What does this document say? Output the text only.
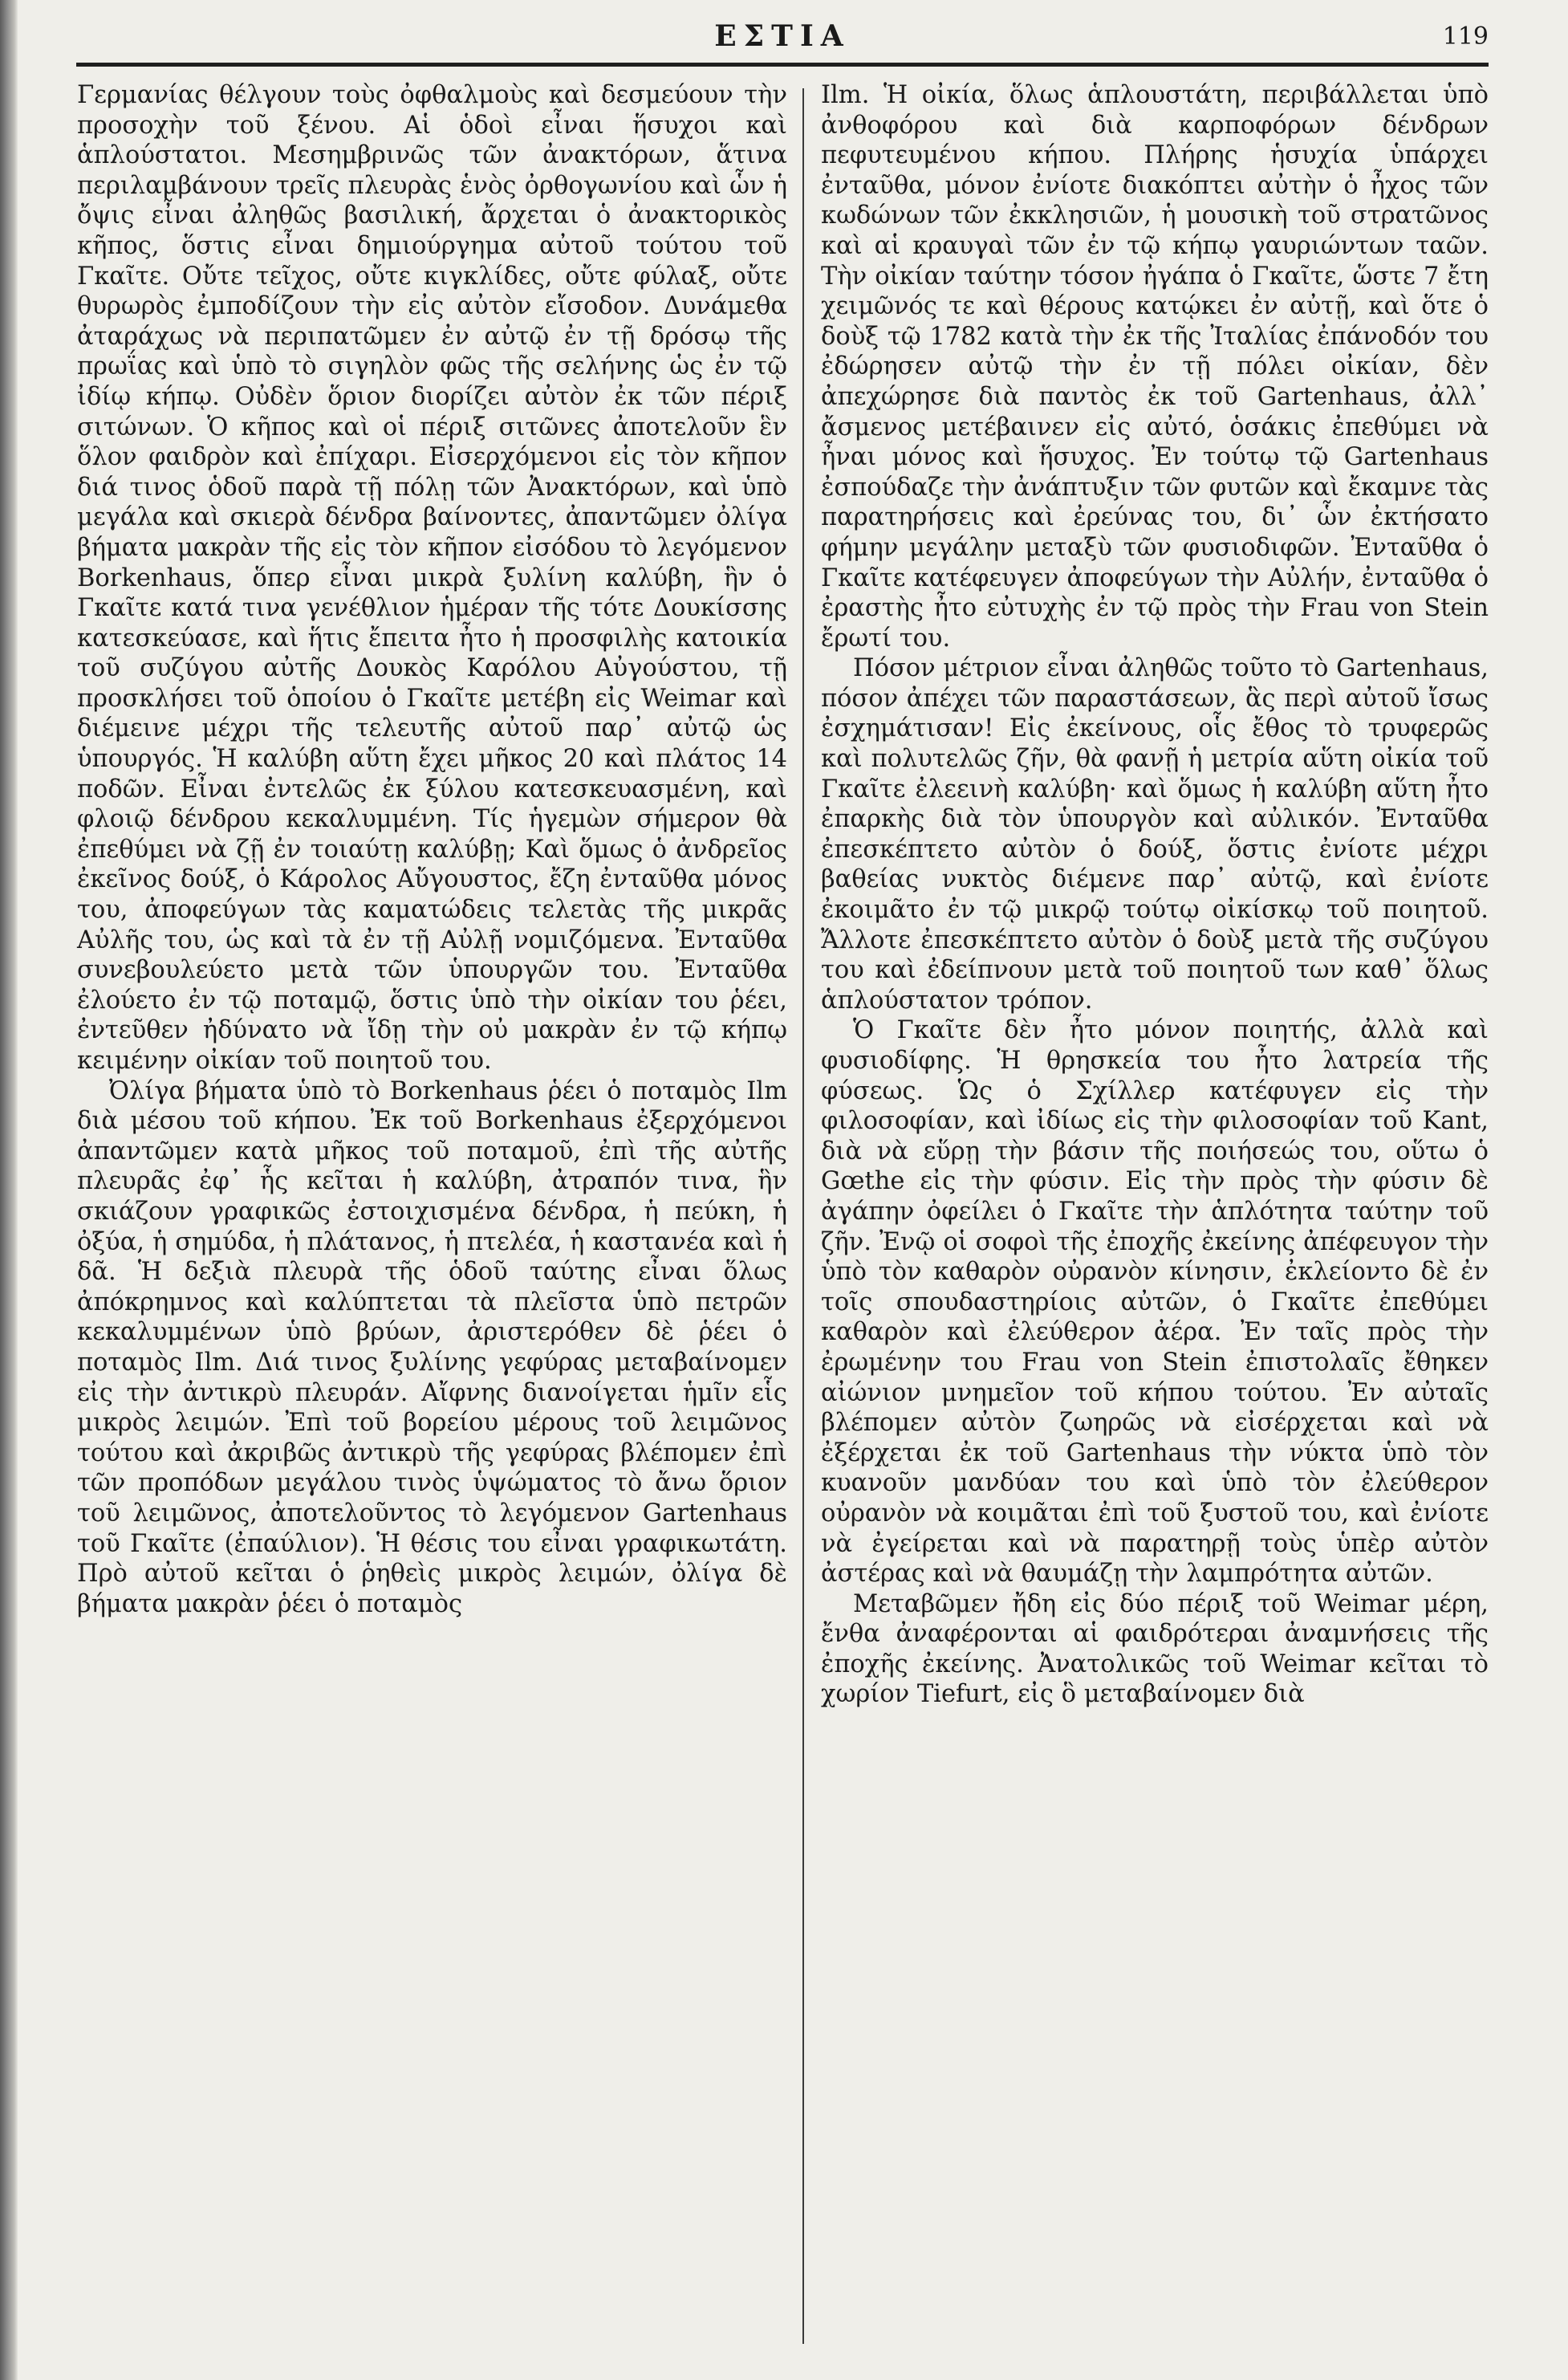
ΕΣΤΙΑ	119

Γερμανίας θέλγουν τοὺς ὀφθαλμοὺς καὶ δεσμεύουν τὴν προσοχὴν τοῦ ξένου. Αἱ ὁδοὶ εἶναι ἥσυχοι καὶ ἁπλούστατοι. Μεσημβρινῶς τῶν ἀνακτόρων, ἅτινα περιλαμβάνουν τρεῖς πλευρὰς ἑνὸς ὀρθογωνίου καὶ ὧν ἡ ὄψις εἶναι ἀληθῶς βασιλική, ἄρχεται ὁ ἀνακτορικὸς κῆπος, ὅστις εἶναι δημιούργημα αὐτοῦ τούτου τοῦ Γκαῖτε. Οὔτε τεῖχος, οὔτε κιγκλίδες, οὔτε φύλαξ, οὔτε θυρωρὸς ἐμποδίζουν τὴν εἰς αὐτὸν εἴσοδον. Δυνάμεθα ἀταράχως νὰ περιπατῶμεν ἐν αὐτῷ ἐν τῇ δρόσῳ τῆς πρωΐας καὶ ὑπὸ τὸ σιγηλὸν φῶς τῆς σελήνης ὡς ἐν τῷ ἰδίῳ κήπῳ. Οὐδὲν ὅριον διορίζει αὐτὸν ἐκ τῶν πέριξ σιτώνων. Ὁ κῆπος καὶ οἱ πέριξ σιτῶνες ἀποτελοῦν ἓν ὅλον φαιδρὸν καὶ ἐπίχαρι. Εἰσερχόμενοι εἰς τὸν κῆπον διά τινος ὁδοῦ παρὰ τῇ πόλῃ τῶν Ἀνακτόρων, καὶ ὑπὸ μεγάλα καὶ σκιερὰ δένδρα βαίνοντες, ἀπαντῶμεν ὀλίγα βήματα μακρὰν τῆς εἰς τὸν κῆπον εἰσόδου τὸ λεγόμενον Borkenhaus, ὅπερ εἶναι μικρὰ ξυλίνη καλύβη, ἣν ὁ Γκαῖτε κατά τινα γενέθλιον ἡμέραν τῆς τότε Δουκίσσης κατεσκεύασε, καὶ ἥτις ἔπειτα ἦτο ἡ προσφιλὴς κατοικία τοῦ συζύγου αὐτῆς Δουκὸς Καρόλου Αὐγούστου, τῇ προσκλήσει τοῦ ὁποίου ὁ Γκαῖτε μετέβη εἰς Weimar καὶ διέμεινε μέχρι τῆς τελευτῆς αὐτοῦ παρ᾽ αὐτῷ ὡς ὑπουργός. Ἡ καλύβη αὕτη ἔχει μῆκος 20 καὶ πλάτος 14 ποδῶν. Εἶναι ἐντελῶς ἐκ ξύλου κατεσκευασμένη, καὶ φλοιῷ δένδρου κεκαλυμμένη. Τίς ἡγεμὼν σήμερον θὰ ἐπεθύμει νὰ ζῇ ἐν τοιαύτῃ καλύβῃ; Καὶ ὅμως ὁ ἀνδρεῖος ἐκεῖνος δούξ, ὁ Κάρολος Αὔγουστος, ἔζη ἐνταῦθα μόνος του, ἀποφεύγων τὰς καματώδεις τελετὰς τῆς μικρᾶς Αὐλῆς του, ὡς καὶ τὰ ἐν τῇ Αὐλῇ νομιζόμενα. Ἐνταῦθα συνεβουλεύετο μετὰ τῶν ὑπουργῶν του. Ἐνταῦθα ἐλούετο ἐν τῷ ποταμῷ, ὅστις ὑπὸ τὴν οἰκίαν του ῥέει, ἐντεῦθεν ἠδύνατο νὰ ἴδῃ τὴν οὐ μακρὰν ἐν τῷ κήπῳ κειμένην οἰκίαν τοῦ ποιητοῦ του.

Ὀλίγα βήματα ὑπὸ τὸ Borkenhaus ῥέει ὁ ποταμὸς Ilm διὰ μέσου τοῦ κήπου. Ἐκ τοῦ Borkenhaus ἐξερχόμενοι ἀπαντῶμεν κατὰ μῆκος τοῦ ποταμοῦ, ἐπὶ τῆς αὐτῆς πλευρᾶς ἐφ᾽ ἧς κεῖται ἡ καλύβη, ἀτραπόν τινα, ἣν σκιάζουν γραφικῶς ἐστοιχισμένα δένδρα, ἡ πεύκη, ἡ ὀξύα, ἡ σημύδα, ἡ πλάτανος, ἡ πτελέα, ἡ καστανέα καὶ ἡ δᾶ. Ἡ δεξιὰ πλευρὰ τῆς ὁδοῦ ταύτης εἶναι ὅλως ἀπόκρημνος καὶ καλύπτεται τὰ πλεῖστα ὑπὸ πετρῶν κεκαλυμμένων ὑπὸ βρύων, ἀριστερόθεν δὲ ῥέει ὁ ποταμὸς Ilm. Διά τινος ξυλίνης γεφύρας μεταβαίνομεν εἰς τὴν ἀντικρὺ πλευράν. Αἴφνης διανοίγεται ἡμῖν εἷς μικρὸς λειμών. Ἐπὶ τοῦ βορείου μέρους τοῦ λειμῶνος τούτου καὶ ἀκριβῶς ἀντικρὺ τῆς γεφύρας βλέπομεν ἐπὶ τῶν προπόδων μεγάλου τινὸς ὑψώματος τὸ ἄνω ὅριον τοῦ λειμῶνος, ἀποτελοῦντος τὸ λεγόμενον Gartenhaus τοῦ Γκαῖτε (ἐπαύλιον). Ἡ θέσις του εἶναι γραφικωτάτη. Πρὸ αὐτοῦ κεῖται ὁ ῥηθεὶς μικρὸς λειμών, ὀλίγα δὲ βήματα μακρὰν ῥέει ὁ ποταμὸς

Ilm. Ἡ οἰκία, ὅλως ἁπλουστάτη, περιβάλλεται ὑπὸ ἀνθοφόρου καὶ διὰ καρποφόρων δένδρων πεφυτευμένου κήπου. Πλήρης ἡσυχία ὑπάρχει ἐνταῦθα, μόνον ἐνίοτε διακόπτει αὐτὴν ὁ ἦχος τῶν κωδώνων τῶν ἐκκλησιῶν, ἡ μουσικὴ τοῦ στρατῶνος καὶ αἱ κραυγαὶ τῶν ἐν τῷ κήπῳ γαυριώντων ταῶν. Τὴν οἰκίαν ταύτην τόσον ἠγάπα ὁ Γκαῖτε, ὥστε 7 ἔτη χειμῶνός τε καὶ θέρους κατῴκει ἐν αὐτῇ, καὶ ὅτε ὁ δοὺξ τῷ 1782 κατὰ τὴν ἐκ τῆς Ἰταλίας ἐπάνοδόν του ἐδώρησεν αὐτῷ τὴν ἐν τῇ πόλει οἰκίαν, δὲν ἀπεχώρησε διὰ παντὸς ἐκ τοῦ Gartenhaus, ἀλλ᾽ ἄσμενος μετέβαινεν εἰς αὐτό, ὁσάκις ἐπεθύμει νὰ ἦναι μόνος καὶ ἥσυχος. Ἐν τούτῳ τῷ Gartenhaus ἐσπούδαζε τὴν ἀνάπτυξιν τῶν φυτῶν καὶ ἔκαμνε τὰς παρατηρήσεις καὶ ἐρεύνας του, δι᾽ ὧν ἐκτήσατο φήμην μεγάλην μεταξὺ τῶν φυσιοδιφῶν. Ἐνταῦθα ὁ Γκαῖτε κατέφευγεν ἀποφεύγων τὴν Αὐλήν, ἐνταῦθα ὁ ἐραστὴς ἦτο εὐτυχὴς ἐν τῷ πρὸς τὴν Frau von Stein ἔρωτί του.

Πόσον μέτριον εἶναι ἀληθῶς τοῦτο τὸ Gartenhaus, πόσον ἀπέχει τῶν παραστάσεων, ἃς περὶ αὐτοῦ ἴσως ἐσχημάτισαν! Εἰς ἐκείνους, οἷς ἔθος τὸ τρυφερῶς καὶ πολυτελῶς ζῆν, θὰ φανῇ ἡ μετρία αὕτη οἰκία τοῦ Γκαῖτε ἐλεεινὴ καλύβη· καὶ ὅμως ἡ καλύβη αὕτη ἦτο ἐπαρκὴς διὰ τὸν ὑπουργὸν καὶ αὐλικόν. Ἐνταῦθα ἐπεσκέπτετο αὐτὸν ὁ δούξ, ὅστις ἐνίοτε μέχρι βαθείας νυκτὸς διέμενε παρ᾽ αὐτῷ, καὶ ἐνίοτε ἐκοιμᾶτο ἐν τῷ μικρῷ τούτῳ οἰκίσκῳ τοῦ ποιητοῦ. Ἄλλοτε ἐπεσκέπτετο αὐτὸν ὁ δοὺξ μετὰ τῆς συζύγου του καὶ ἐδείπνουν μετὰ τοῦ ποιητοῦ των καθ᾽ ὅλως ἁπλούστατον τρόπον.

Ὁ Γκαῖτε δὲν ἦτο μόνον ποιητής, ἀλλὰ καὶ φυσιοδίφης. Ἡ θρησκεία του ἦτο λατρεία τῆς φύσεως. Ὡς ὁ Σχίλλερ κατέφυγεν εἰς τὴν φιλοσοφίαν, καὶ ἰδίως εἰς τὴν φιλοσοφίαν τοῦ Kant, διὰ νὰ εὕρῃ τὴν βάσιν τῆς ποιήσεώς του, οὕτω ὁ Gœthe εἰς τὴν φύσιν. Εἰς τὴν πρὸς τὴν φύσιν δὲ ἀγάπην ὀφείλει ὁ Γκαῖτε τὴν ἁπλότητα ταύτην τοῦ ζῆν. Ἐνῷ οἱ σοφοὶ τῆς ἐποχῆς ἐκείνης ἀπέφευγον τὴν ὑπὸ τὸν καθαρὸν οὐρανὸν κίνησιν, ἐκλείοντο δὲ ἐν τοῖς σπουδαστηρίοις αὐτῶν, ὁ Γκαῖτε ἐπεθύμει καθαρὸν καὶ ἐλεύθερον ἀέρα. Ἐν ταῖς πρὸς τὴν ἐρωμένην του Frau von Stein ἐπιστολαῖς ἔθηκεν αἰώνιον μνημεῖον τοῦ κήπου τούτου. Ἐν αὐταῖς βλέπομεν αὐτὸν ζωηρῶς νὰ εἰσέρχεται καὶ νὰ ἐξέρχεται ἐκ τοῦ Gartenhaus τὴν νύκτα ὑπὸ τὸν κυανοῦν μανδύαν του καὶ ὑπὸ τὸν ἐλεύθερον οὐρανὸν νὰ κοιμᾶται ἐπὶ τοῦ ξυστοῦ του, καὶ ἐνίοτε νὰ ἐγείρεται καὶ νὰ παρατηρῇ τοὺς ὑπὲρ αὐτὸν ἀστέρας καὶ νὰ θαυμάζῃ τὴν λαμπρότητα αὐτῶν.

Μεταβῶμεν ἤδη εἰς δύο πέριξ τοῦ Weimar μέρη, ἔνθα ἀναφέρονται αἱ φαιδρότεραι ἀναμνήσεις τῆς ἐποχῆς ἐκείνης. Ἀνατολικῶς τοῦ Weimar κεῖται τὸ χωρίον Tiefurt, εἰς ὃ μεταβαίνομεν διὰ
